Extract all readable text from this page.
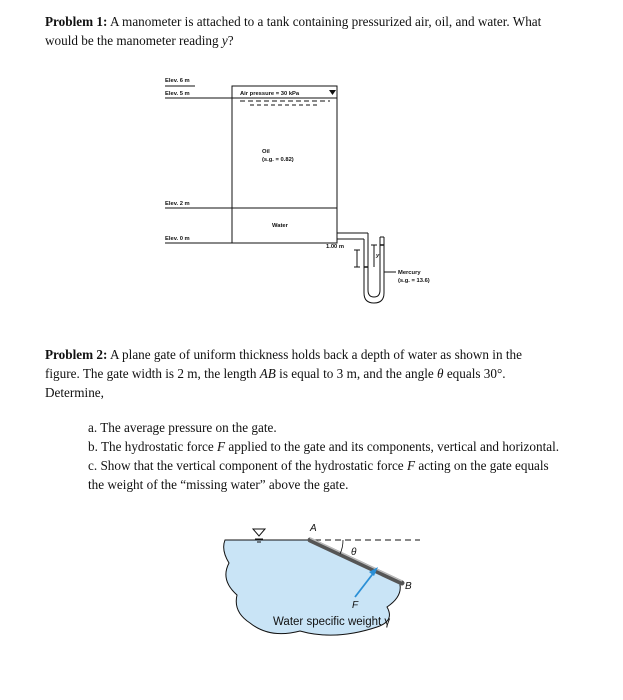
Problem 1: A manometer is attached to a tank containing pressurized air, oil, and water. What
would be the manometer reading y?
Elev. 6 m
Elev. 5 m
Elev. 2 m
Elev. 0 m
Air pressure = 30 kPa
Oil
(s.g. = 0.82)
Water
1.00 m
y
Mercury
(s.g. = 13.6)
Problem 2: A plane gate of uniform thickness holds back a depth of water as shown in the
figure. The gate width is 2 m, the length AB is equal to 3 m, and the angle θ equals 30°.
Determine,
a. The average pressure on the gate.
b. The hydrostatic force F applied to the gate and its components, vertical and horizontal.
c. Show that the vertical component of the hydrostatic force F acting on the gate equals
the weight of the “missing water” above the gate.
A
B
θ
F
Water specific weight γ
